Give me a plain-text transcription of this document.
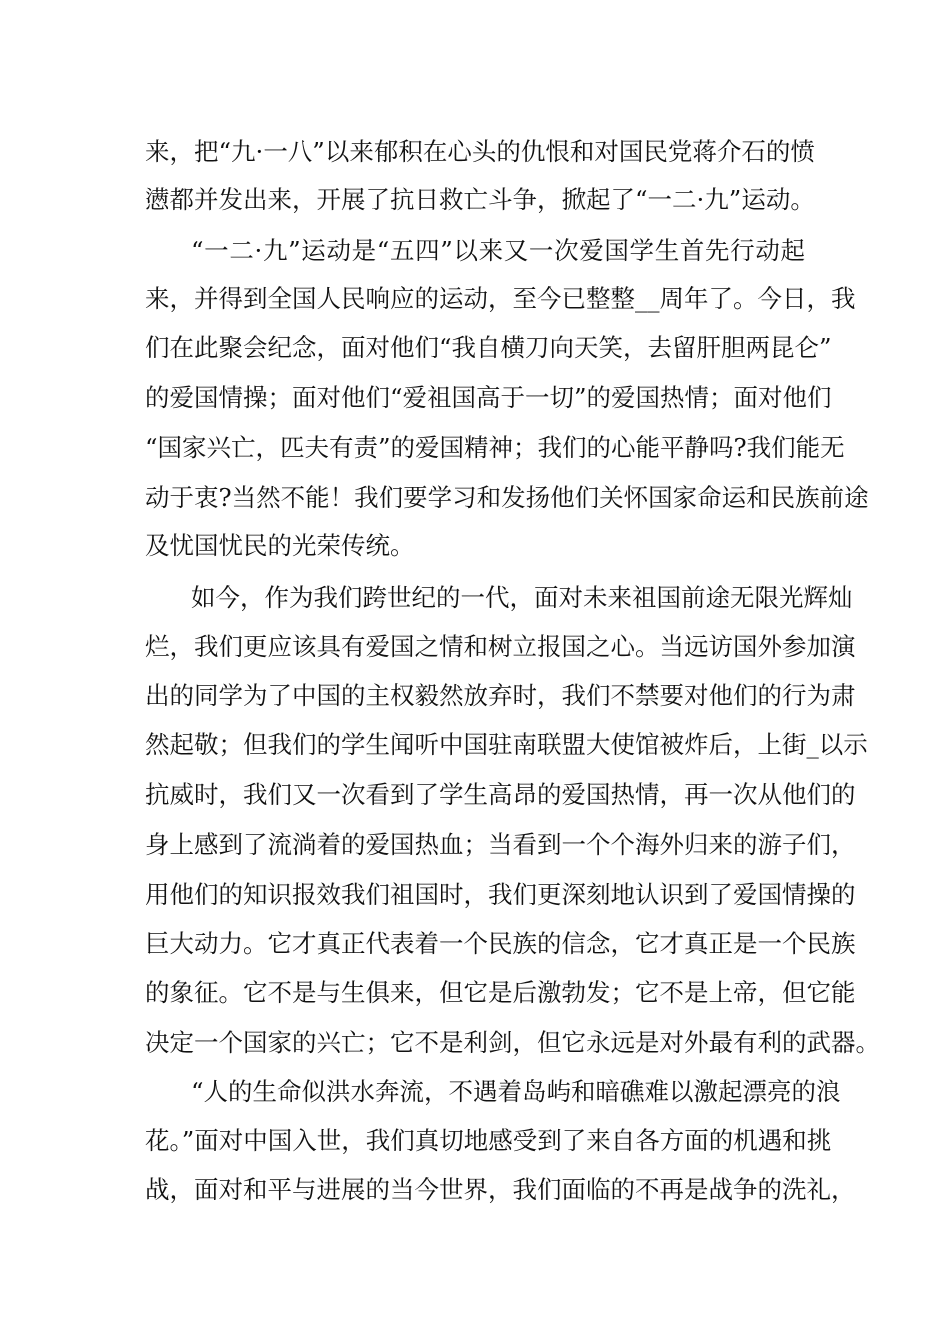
来，把“九·一八”以来郁积在心头的仇恨和对国民党蒋介石的愤
懑都并发出来，开展了抗日救亡斗争，掀起了“一二·九”运动。
“一二·九”运动是“五四”以来又一次爱国学生首先行动起
来，并得到全国人民响应的运动，至今已整整__周年了。今日，我
们在此聚会纪念，面对他们“我自横刀向天笑，去留肝胆两昆仑”
的爱国情操；面对他们“爱祖国高于一切”的爱国热情；面对他们
“国家兴亡，匹夫有责”的爱国精神；我们的心能平静吗?我们能无
动于衷?当然不能！我们要学习和发扬他们关怀国家命运和民族前途
及忧国忧民的光荣传统。
如今，作为我们跨世纪的一代，面对未来祖国前途无限光辉灿
烂，我们更应该具有爱国之情和树立报国之心。当远访国外参加演
出的同学为了中国的主权毅然放弃时，我们不禁要对他们的行为肃
然起敬；但我们的学生闻听中国驻南联盟大使馆被炸后，上街_以示
抗威时，我们又一次看到了学生高昂的爱国热情，再一次从他们的
身上感到了流淌着的爱国热血；当看到一个个海外归来的游子们，
用他们的知识报效我们祖国时，我们更深刻地认识到了爱国情操的
巨大动力。它才真正代表着一个民族的信念，它才真正是一个民族
的象征。它不是与生俱来，但它是后激勃发；它不是上帝，但它能
决定一个国家的兴亡；它不是利剑，但它永远是对外最有利的武器。
“人的生命似洪水奔流，不遇着岛屿和暗礁难以激起漂亮的浪
花。”面对中国入世，我们真切地感受到了来自各方面的机遇和挑
战，面对和平与进展的当今世界，我们面临的不再是战争的洗礼，
